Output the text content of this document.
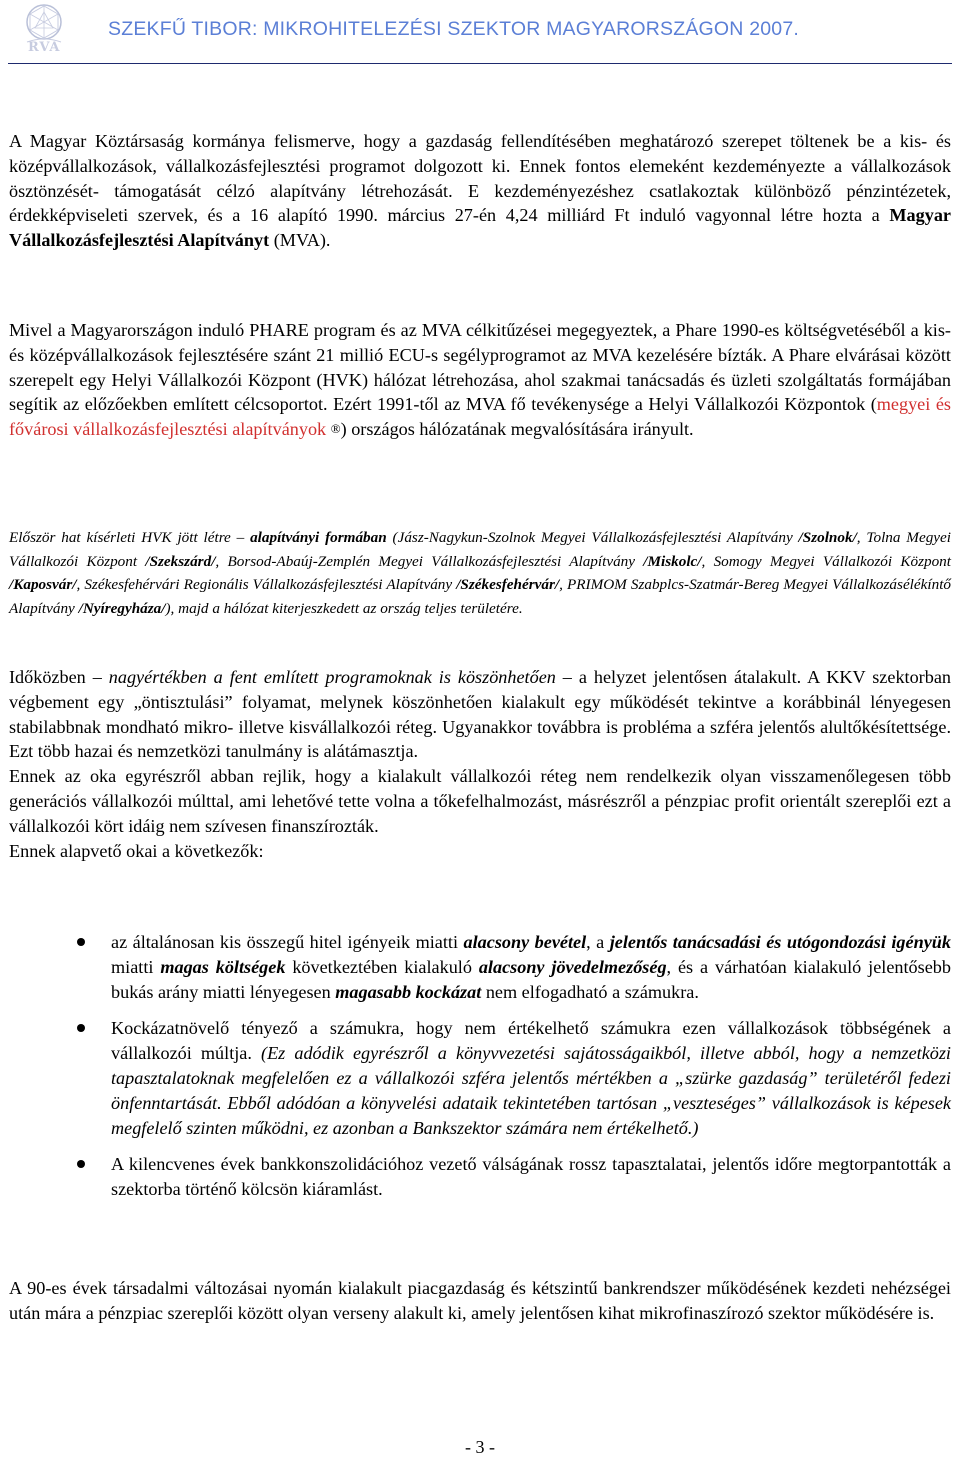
RVA
SZEKFŰ TIBOR: MIKROHITELEZÉSI SZEKTOR MAGYARORSZÁGON 2007.

A Magyar Köztársaság kormánya felismerve, hogy a gazdaság fellendítésében meghatározó szerepet töltenek be a kis- és középvállalkozások, vállalkozásfejlesztési programot dolgozott ki. Ennek fontos elemeként kezdeményezte a vállalkozások ösztönzését- támogatását célzó alapítvány létrehozását. E kezdeményezéshez csatlakoztak különböző pénzintézetek, érdekképviseleti szervek, és a 16 alapító 1990. március 27-én 4,24 milliárd Ft induló vagyonnal létre hozta a Magyar Vállalkozásfejlesztési Alapítványt (MVA).

Mivel a Magyarországon induló PHARE program és az MVA célkitűzései megegyeztek, a Phare 1990-es költségvetéséből a kis- és középvállalkozások fejlesztésére szánt 21 millió ECU-s segélyprogramot az MVA kezelésére bízták. A Phare elvárásai között szerepelt egy Helyi Vállalkozói Központ (HVK) hálózat létrehozása, ahol szakmai tanácsadás és üzleti szolgáltatás formájában segítik az előzőekben említett célcsoportot. Ezért 1991-től az MVA fő tevékenysége a Helyi Vállalkozói Központok (megyei és fővárosi vállalkozásfejlesztési alapítványok ®) országos hálózatának megvalósítására irányult.

Először hat kísérleti HVK jött létre – alapítványi formában (Jász-Nagykun-Szolnok Megyei Vállalkozásfejlesztési Alapítvány /Szolnok/, Tolna Megyei Vállalkozói Központ /Szekszárd/, Borsod-Abaúj-Zemplén Megyei Vállalkozásfejlesztési Alapítvány /Miskolc/, Somogy Megyei Vállalkozói Központ /Kaposvár/, Székesfehérvári Regionális Vállalkozásfejlesztési Alapítvány /Székesfehérvár/, PRIMOM Szabplcs-Szatmár-Bereg Megyei Vállalkozásélékíntő Alapítvány /Nyíregyháza/), majd a hálózat kiterjeszkedett az ország teljes területére.

Időközben – nagyértékben a fent említett programoknak is köszönhetően – a helyzet jelentősen átalakult. A KKV szektorban végbement egy „öntisztulási” folyamat, melynek köszönhetően kialakult egy működését tekintve a korábbinál lényegesen stabilabbnak mondható mikro- illetve kisvállalkozói réteg. Ugyanakkor továbbra is probléma a szféra jelentős alultőkésítettsége. Ezt több hazai és nemzetközi tanulmány is alátámasztja.

Ennek az oka egyrészről abban rejlik, hogy a kialakult vállalkozói réteg nem rendelkezik olyan visszamenőlegesen több generációs vállalkozói múlttal, ami lehetővé tette volna a tőkefelhalmozást, másrészről a pénzpiac profit orientált szereplői ezt a vállalkozói kört idáig nem szívesen finanszírozták.

Ennek alapvető okai a következők:

az általánosan kis összegű hitel igényeik miatti alacsony bevétel, a jelentős tanácsadási és utógondozási igényük miatti magas költségek következtében kialakuló alacsony jövedelmezőség, és a várhatóan kialakuló jelentősebb bukás arány miatti lényegesen magasabb kockázat nem elfogadható a számukra.
Kockázatnövelő tényező a számukra, hogy nem értékelhető számukra ezen vállalkozások többségének a vállalkozói múltja. (Ez adódik egyrészről a könyvvezetési sajátosságaikból, illetve abból, hogy a nemzetközi tapasztalatoknak megfelelően ez a vállalkozói szféra jelentős mértékben a „szürke gazdaság” területéről fedezi önfenntartását. Ebből adódóan a könyvelési adataik tekintetében tartósan „veszteséges” vállalkozások is képesek megfelelő szinten működni, ez azonban a Bankszektor számára nem értékelhető.)
A kilencvenes évek bankkonszolidációhoz vezető válságának rossz tapasztalatai, jelentős időre megtorpantották a szektorba történő kölcsön kiáramlást.

A 90-es évek társadalmi változásai nyomán kialakult piacgazdaság és kétszintű bankrendszer működésének kezdeti nehézségei után mára a pénzpiac szereplői között olyan verseny alakult ki, amely jelentősen kihat mikrofinaszírozó szektor működésére is.

- 3 -
